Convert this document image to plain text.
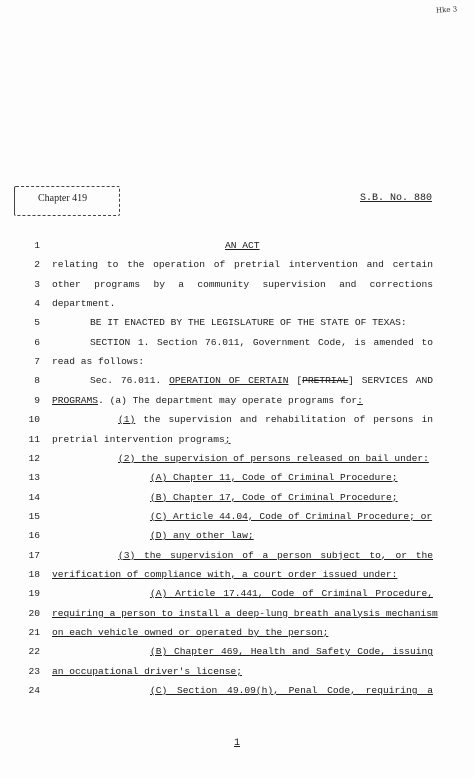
Hke 3
Chapter 419	S.B. No. 880
1	AN ACT
2 relating to the operation of pretrial intervention and certain
3 other programs by a community supervision and corrections
4 department.
5	BE IT ENACTED BY THE LEGISLATURE OF THE STATE OF TEXAS:
6	SECTION 1. Section 76.011, Government Code, is amended to
7 read as follows:
8	Sec. 76.011. OPERATION OF CERTAIN [PRETRIAL] SERVICES AND
9 PROGRAMS. (a) The department may operate programs for:
10	(1) the supervision and rehabilitation of persons in
11 pretrial intervention programs;
12	(2) the supervision of persons released on bail under:
13	(A) Chapter 11, Code of Criminal Procedure;
14	(B) Chapter 17, Code of Criminal Procedure;
15	(C) Article 44.04, Code of Criminal Procedure; or
16	(D) any other law;
17	(3) the supervision of a person subject to, or the
18 verification of compliance with, a court order issued under:
19	(A) Article 17.441, Code of Criminal Procedure,
20 requiring a person to install a deep-lung breath analysis mechanism
21 on each vehicle owned or operated by the person;
22	(B) Chapter 469, Health and Safety Code, issuing
23 an occupational driver's license;
24	(C) Section 49.09(h), Penal Code, requiring a
1
